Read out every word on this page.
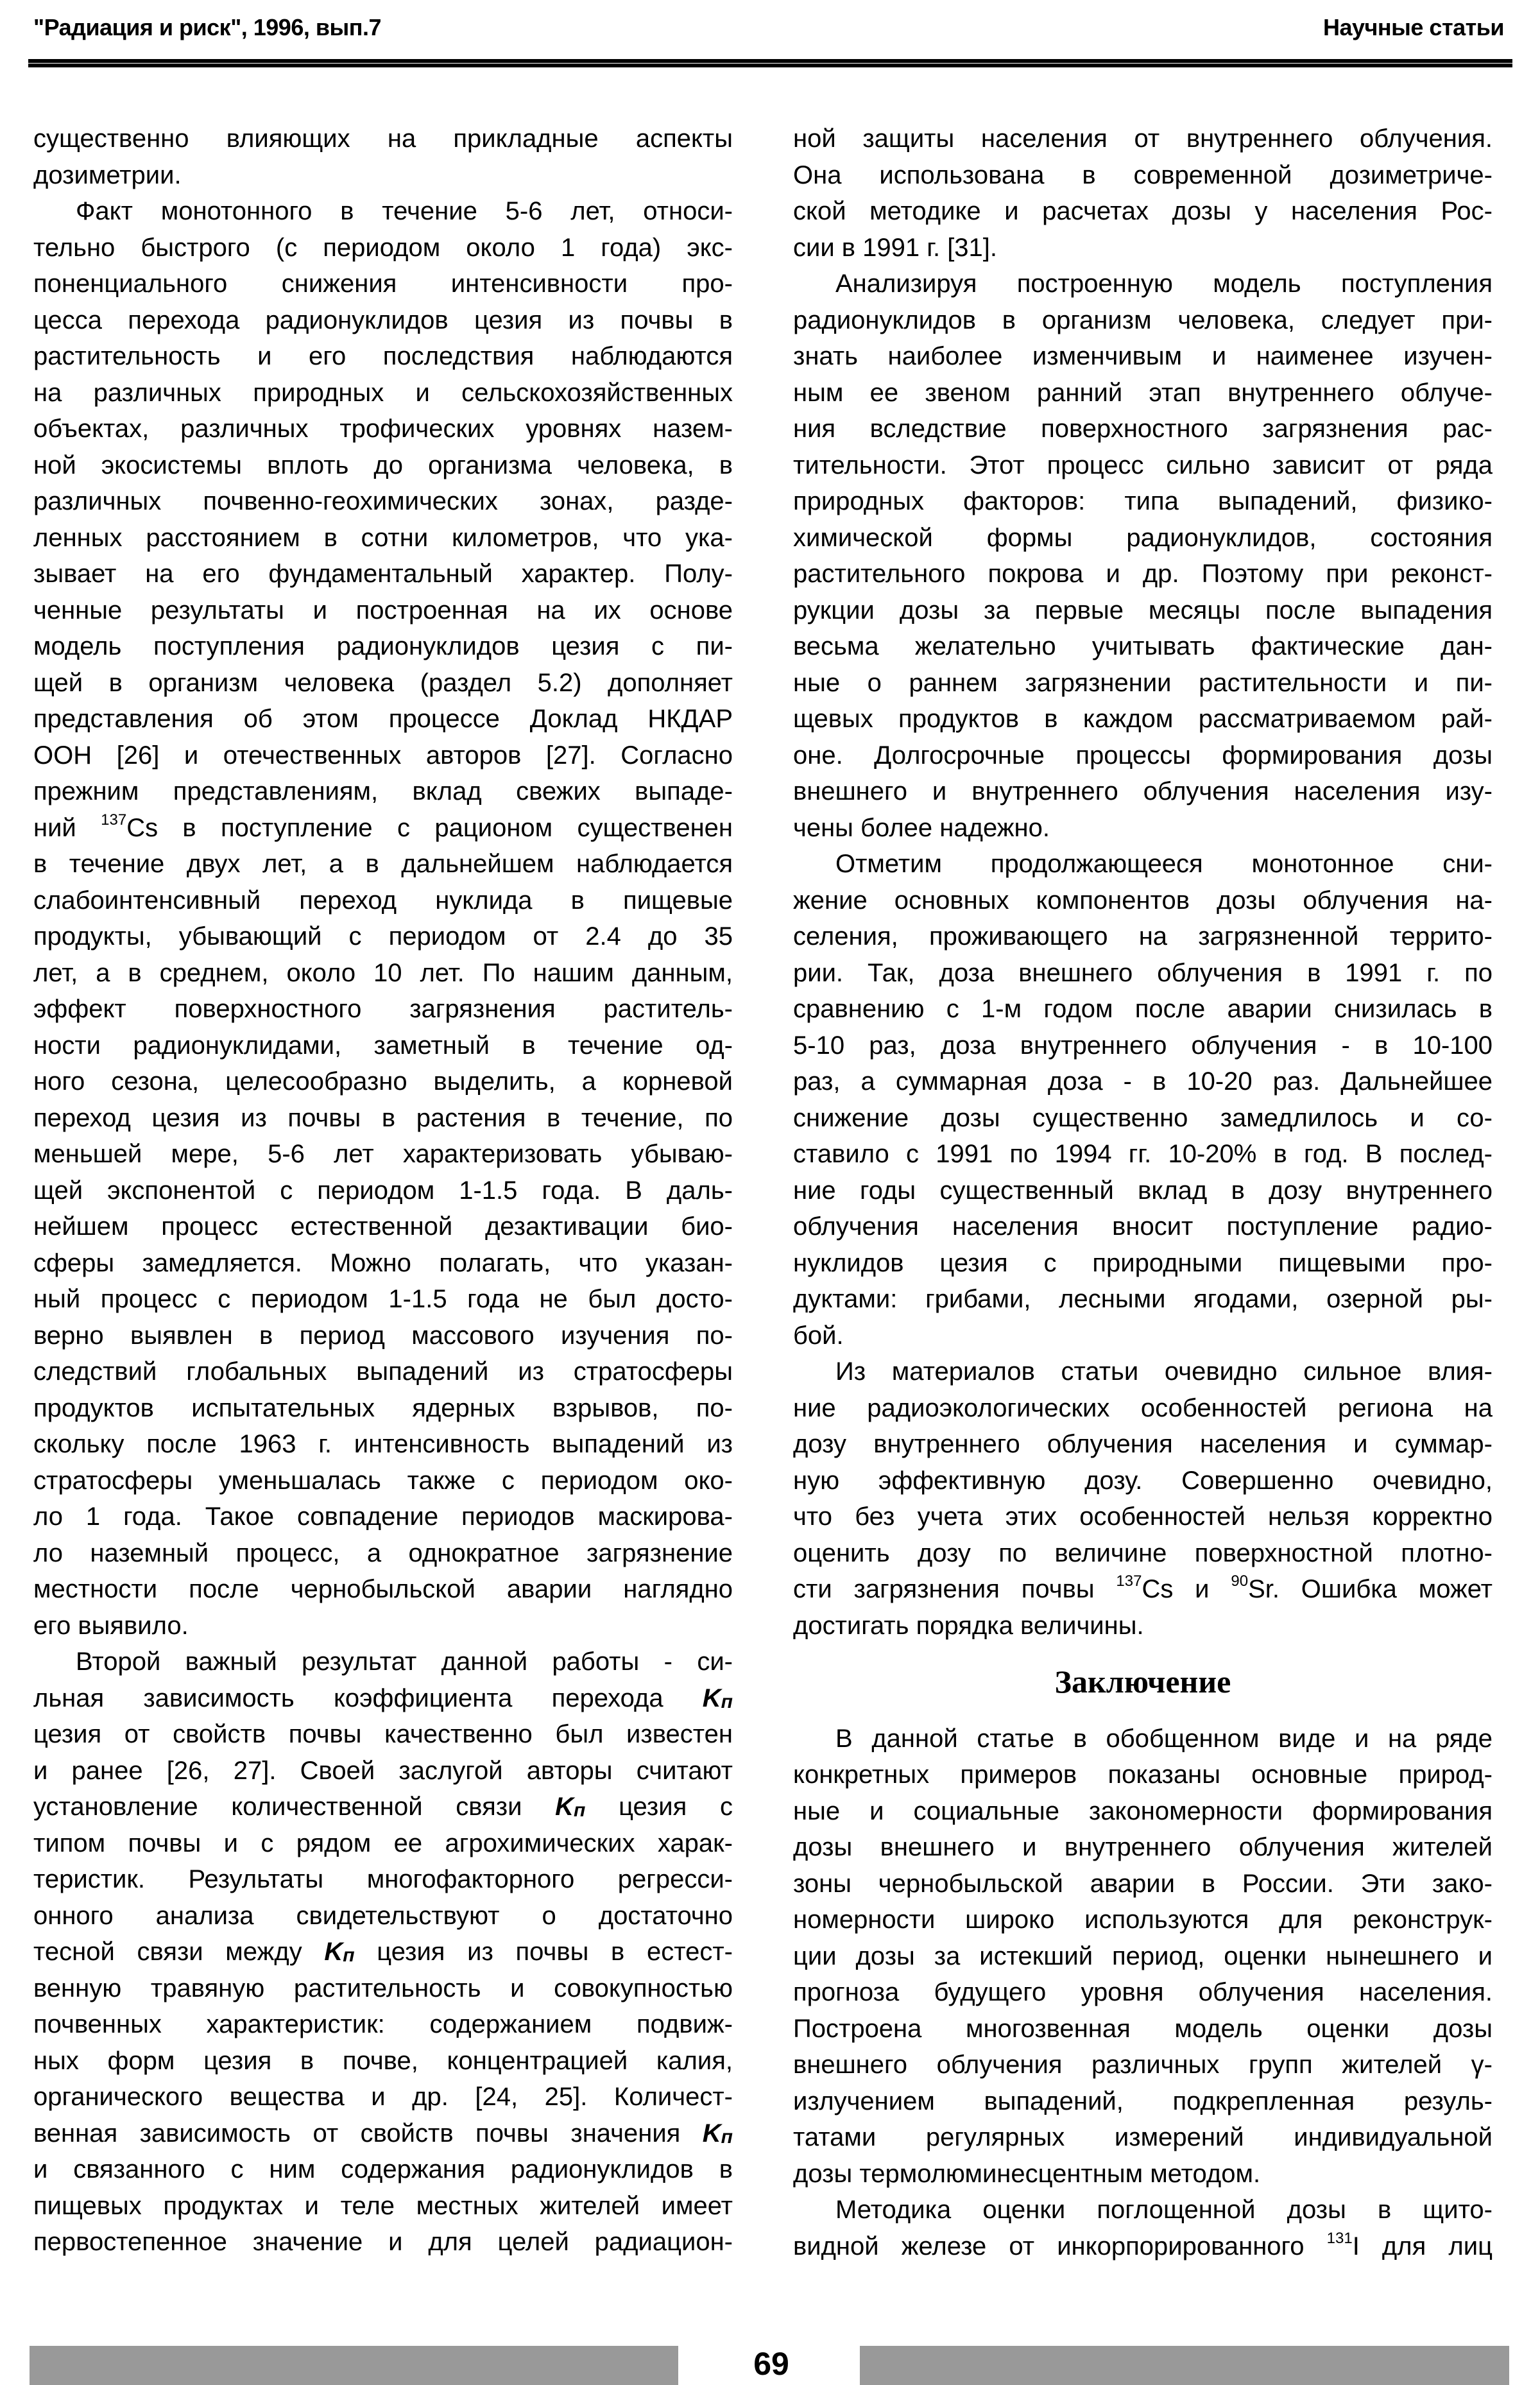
"Радиация и риск", 1996, вып.7	Научные статьи
существенно влияющих на прикладные аспекты
дозиметрии.
Факт монотонного в течение 5-6 лет, относи-
тельно быстрого (с периодом около 1 года) экс-
поненциального снижения интенсивности про-
цесса перехода радионуклидов цезия из почвы в
растительность и его последствия наблюдаются
на различных природных и сельскохозяйственных
объектах, различных трофических уровнях назем-
ной экосистемы вплоть до организма человека, в
различных почвенно-геохимических зонах, разде-
ленных расстоянием в сотни километров, что ука-
зывает на его фундаментальный характер. Полу-
ченные результаты и построенная на их основе
модель поступления радионуклидов цезия с пи-
щей в организм человека (раздел 5.2) дополняет
представления об этом процессе Доклад НКДАР
ООН [26] и отечественных авторов [27]. Согласно
прежним представлениям, вклад свежих выпаде-
ний $^{137}$Cs в поступление с рационом существенен
в течение двух лет, а в дальнейшем наблюдается
слабоинтенсивный переход нуклида в пищевые
продукты, убывающий с периодом от 2.4 до 35
лет, а в среднем, около 10 лет. По нашим данным,
эффект поверхностного загрязнения раститель-
ности радионуклидами, заметный в течение од-
ного сезона, целесообразно выделить, а корневой
переход цезия из почвы в растения в течение, по
меньшей мере, 5-6 лет характеризовать убываю-
щей экспонентой с периодом 1-1.5 года. В даль-
нейшем процесс естественной дезактивации био-
сферы замедляется. Можно полагать, что указан-
ный процесс с периодом 1-1.5 года не был досто-
верно выявлен в период массового изучения по-
следствий глобальных выпадений из стратосферы
продуктов испытательных ядерных взрывов, по-
скольку после 1963 г. интенсивность выпадений из
стратосферы уменьшалась также с периодом око-
ло 1 года. Такое совпадение периодов маскирова-
ло наземный процесс, а однократное загрязнение
местности после чернобыльской аварии наглядно
его выявило.
Второй важный результат данной работы - си-
льная зависимость коэффициента перехода $K_п$
цезия от свойств почвы качественно был известен
и ранее [26, 27]. Своей заслугой авторы считают
установление количественной связи $K_п$ цезия с
типом почвы и с рядом ее агрохимических харак-
теристик. Результаты многофакторного регресси-
онного анализа свидетельствуют о достаточно
тесной связи между $K_п$ цезия из почвы в естест-
венную травяную растительность и совокупностью
почвенных характеристик: содержанием подвиж-
ных форм цезия в почве, концентрацией калия,
органического вещества и др. [24, 25]. Количест-
венная зависимость от свойств почвы значения $K_п$
и связанного с ним содержания радионуклидов в
пищевых продуктах и теле местных жителей имеет
первостепенное значение и для целей радиацион-
ной защиты населения от внутреннего облучения.
Она использована в современной дозиметриче-
ской методике и расчетах дозы у населения Рос-
сии в 1991 г. [31].
Анализируя построенную модель поступления
радионуклидов в организм человека, следует при-
знать наиболее изменчивым и наименее изучен-
ным ее звеном ранний этап внутреннего облуче-
ния вследствие поверхностного загрязнения рас-
тительности. Этот процесс сильно зависит от ряда
природных факторов: типа выпадений, физико-
химической формы радионуклидов, состояния
растительного покрова и др. Поэтому при реконст-
рукции дозы за первые месяцы после выпадения
весьма желательно учитывать фактические дан-
ные о раннем загрязнении растительности и пи-
щевых продуктов в каждом рассматриваемом рай-
оне. Долгосрочные процессы формирования дозы
внешнего и внутреннего облучения населения изу-
чены более надежно.
Отметим продолжающееся монотонное сни-
жение основных компонентов дозы облучения на-
селения, проживающего на загрязненной террито-
рии. Так, доза внешнего облучения в 1991 г. по
сравнению с 1-м годом после аварии снизилась в
5-10 раз, доза внутреннего облучения - в 10-100
раз, а суммарная доза - в 10-20 раз. Дальнейшее
снижение дозы существенно замедлилось и со-
ставило с 1991 по 1994 гг. 10-20% в год. В послед-
ние годы существенный вклад в дозу внутреннего
облучения населения вносит поступление радио-
нуклидов цезия с природными пищевыми про-
дуктами: грибами, лесными ягодами, озерной ры-
бой.
Из материалов статьи очевидно сильное влия-
ние радиоэкологических особенностей региона на
дозу внутреннего облучения населения и суммар-
ную эффективную дозу. Совершенно очевидно,
что без учета этих особенностей нельзя корректно
оценить дозу по величине поверхностной плотно-
сти загрязнения почвы $^{137}$Cs и $^{90}$Sr. Ошибка может
достигать порядка величины.
Заключение
В данной статье в обобщенном виде и на ряде
конкретных примеров показаны основные природ-
ные и социальные закономерности формирования
дозы внешнего и внутреннего облучения жителей
зоны чернобыльской аварии в России. Эти зако-
номерности широко используются для реконструк-
ции дозы за истекший период, оценки нынешнего и
прогноза будущего уровня облучения населения.
Построена многозвенная модель оценки дозы
внешнего облучения различных групп жителей γ-
излучением выпадений, подкрепленная резуль-
татами регулярных измерений индивидуальной
дозы термолюминесцентным методом.
Методика оценки поглощенной дозы в щито-
видной железе от инкорпорированного $^{131}$I для лиц
69
